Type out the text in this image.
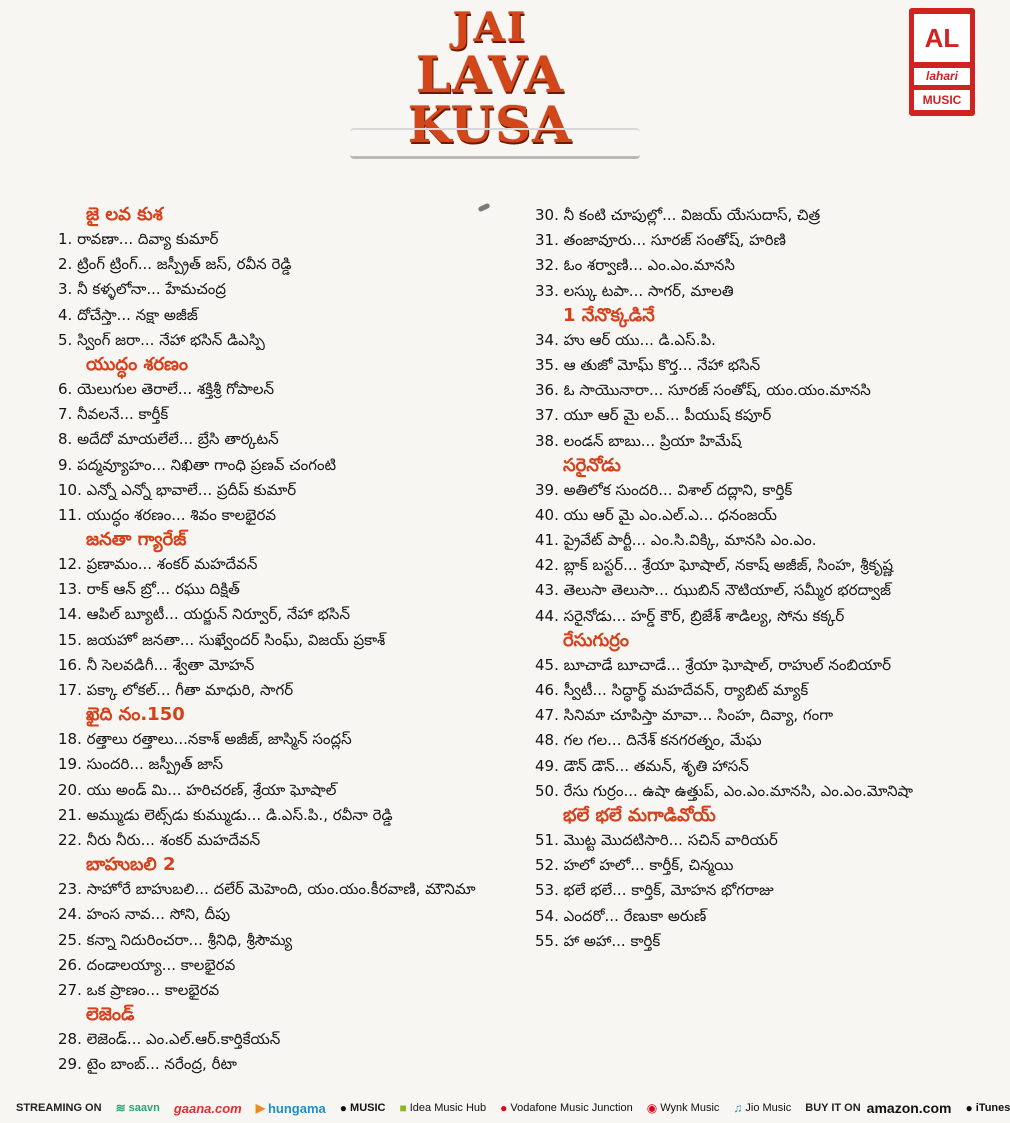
JAI
LAVA KUSA
AL
lahari
MUSIC
జై లవ కుశ
1. రావణా... దివ్యా కుమార్
2. ట్రింగ్ ట్రింగ్... జస్ప్రీత్ జస్, రవీన రెడ్డి
3. నీ కళ్ళలోనా... హేమచంద్ర
4. దోచేస్తా... నక్షా అజీజ్
5. స్వింగ్ జరా... నేహా భసిన్ డిఎస్పి
యుద్ధం శరణం
6. యెలుగుల తెరాలే... శక్తిశ్రీ గోపాలన్
7. నీవలనే... కార్తీక్
8. అదేదో మాయలేలే... బ్రేసి తార్కటన్
9. పద్మవ్యూహం... నిఖితా గాంధి ప్రణవ్ చంగంటి
10. ఎన్నో ఎన్నో భావాలే... ప్రదీప్ కుమార్
11. యుద్ధం శరణం... శివం కాలభైరవ
జనతా గ్యారేజ్
12. ప్రణామం... శంకర్ మహదేవన్
13. రాక్ ఆన్ బ్రో... రఘు దిక్షిత్
14. ఆపిల్ బ్యూటీ... యర్జున్ నిర్వూర్, నేహా భసిన్
15. జయహో జనతా... సుఖ్వేందర్ సింఘ్, విజయ్ ప్రకాశ్
16. నీ సెలవడిగీ... శ్వేతా మోహన్
17. పక్కా లోకల్... గీతా మాధురి, సాగర్
ఖైది నం.150
18. రత్తాలు రత్తాలు...నకాశ్ అజీజ్, జాస్మిన్ సంద్లస్
19. సుందరి... జస్ప్రీత్ జాస్
20. యు అండ్ మి... హరిచరణ్, శ్రేయా ఘోషాల్
21. అమ్ముడు లెట్స్‌డు కుమ్ముడు... డి.ఎస్.పి., రవీనా రెడ్డి
22. నీరు నీరు... శంకర్ మహదేవన్
బాహుబలి 2
23. సాహోరే బాహుబలి... దలేర్ మెహెంది, యం.యం.కీరవాణి, మౌనిమా
24. హంస నావ... సోని, దీపు
25. కన్నా నిదురించరా... శ్రీనిధి, శ్రీసౌమ్య
26. దండాలయ్యా... కాలభైరవ
27. ఒక ప్రాణం... కాలభైరవ
లెజెండ్
28. లెజెండ్... ఎం.ఎల్.ఆర్.కార్తికేయన్
29. టైం బాంబ్... నరేంద్ర, రీటా
30. నీ కంటి చూపుల్లో... విజయ్ యేసుదాస్, చిత్ర
31. తంజావూరు... సూరజ్ సంతోష్, హరిణి
32. ఓం శర్వాణి... ఎం.ఎం.మానసి
33. లస్కు టపా... సాగర్, మాలతి
1 నేనొక్కడినే
34. హు ఆర్ యు... డి.ఎస్.పి.
35. ఆ తుజో మోఘ్ కొర్త... నేహా భసిన్
36. ఓ సాయొనారా... సూరజ్ సంతోష్, యం.యం.మానసి
37. యూ ఆర్ మై లవ్... పీయుష్ కపూర్
38. లండన్ బాబు... ప్రియా హిమేష్
సరైనోడు
39. అతిలోక సుందరి... విశాల్ దద్లాని, కార్తిక్
40. యు ఆర్ మై ఎం.ఎల్.ఎ... ధనంజయ్
41. ప్రైవేట్ పార్టీ... ఎం.సి.విక్కి, మానసి ఎం.ఎం.
42. బ్లాక్ బస్టర్... శ్రేయా ఘోషాల్, నకాష్ అజీజ్, సింహ, శ్రీకృష్ణ
43. తెలుసా తెలుసా... ఝుబిన్ నౌటియాల్, సమ్మీర భరద్వాజ్
44. సరైనోడు... హర్డ్ కౌర్, బ్రిజేశ్ శాడిల్య, సోను కక్కర్
రేసుగుర్రం
45. బూచాడే బూచాడే... శ్రేయా ఘోషాల్, రాహుల్ నంబియార్
46. స్వీటీ... సిద్ధార్థ్ మహదేవన్, ర్యాబిట్ మ్యాక్
47. సినిమా చూపిస్తా మావా... సింహ, దివ్యా, గంగా
48. గల గల... దినేశ్ కనగరత్నం, మేఘ
49. డౌన్ డౌన్... తమన్, శృతి హాసన్
50. రేసు గుర్రం... ఉషా ఉత్తుప్, ఎం.ఎం.మానసి, ఎం.ఎం.మోనిషా
భలే భలే మగాడివోయ్
51. మొట్ట మొదటిసారి... సచిన్ వారియర్
52. హలో హలో... కార్తీక్, చిన్మయి
53. భలే భలే... కార్తిక్, మోహన భోగరాజు
54. ఎందరో... రేణుకా అరుణ్
55. హా అహా... కార్తిక్
STREAMING ON ≋ saavn gaana.com ▶ hungama ● MUSIC ■ Idea Music Hub ● Vodafone Music Junction ◉ Wynk Music ♫ Jio Music BUY IT ON amazon.com ● iTunes
